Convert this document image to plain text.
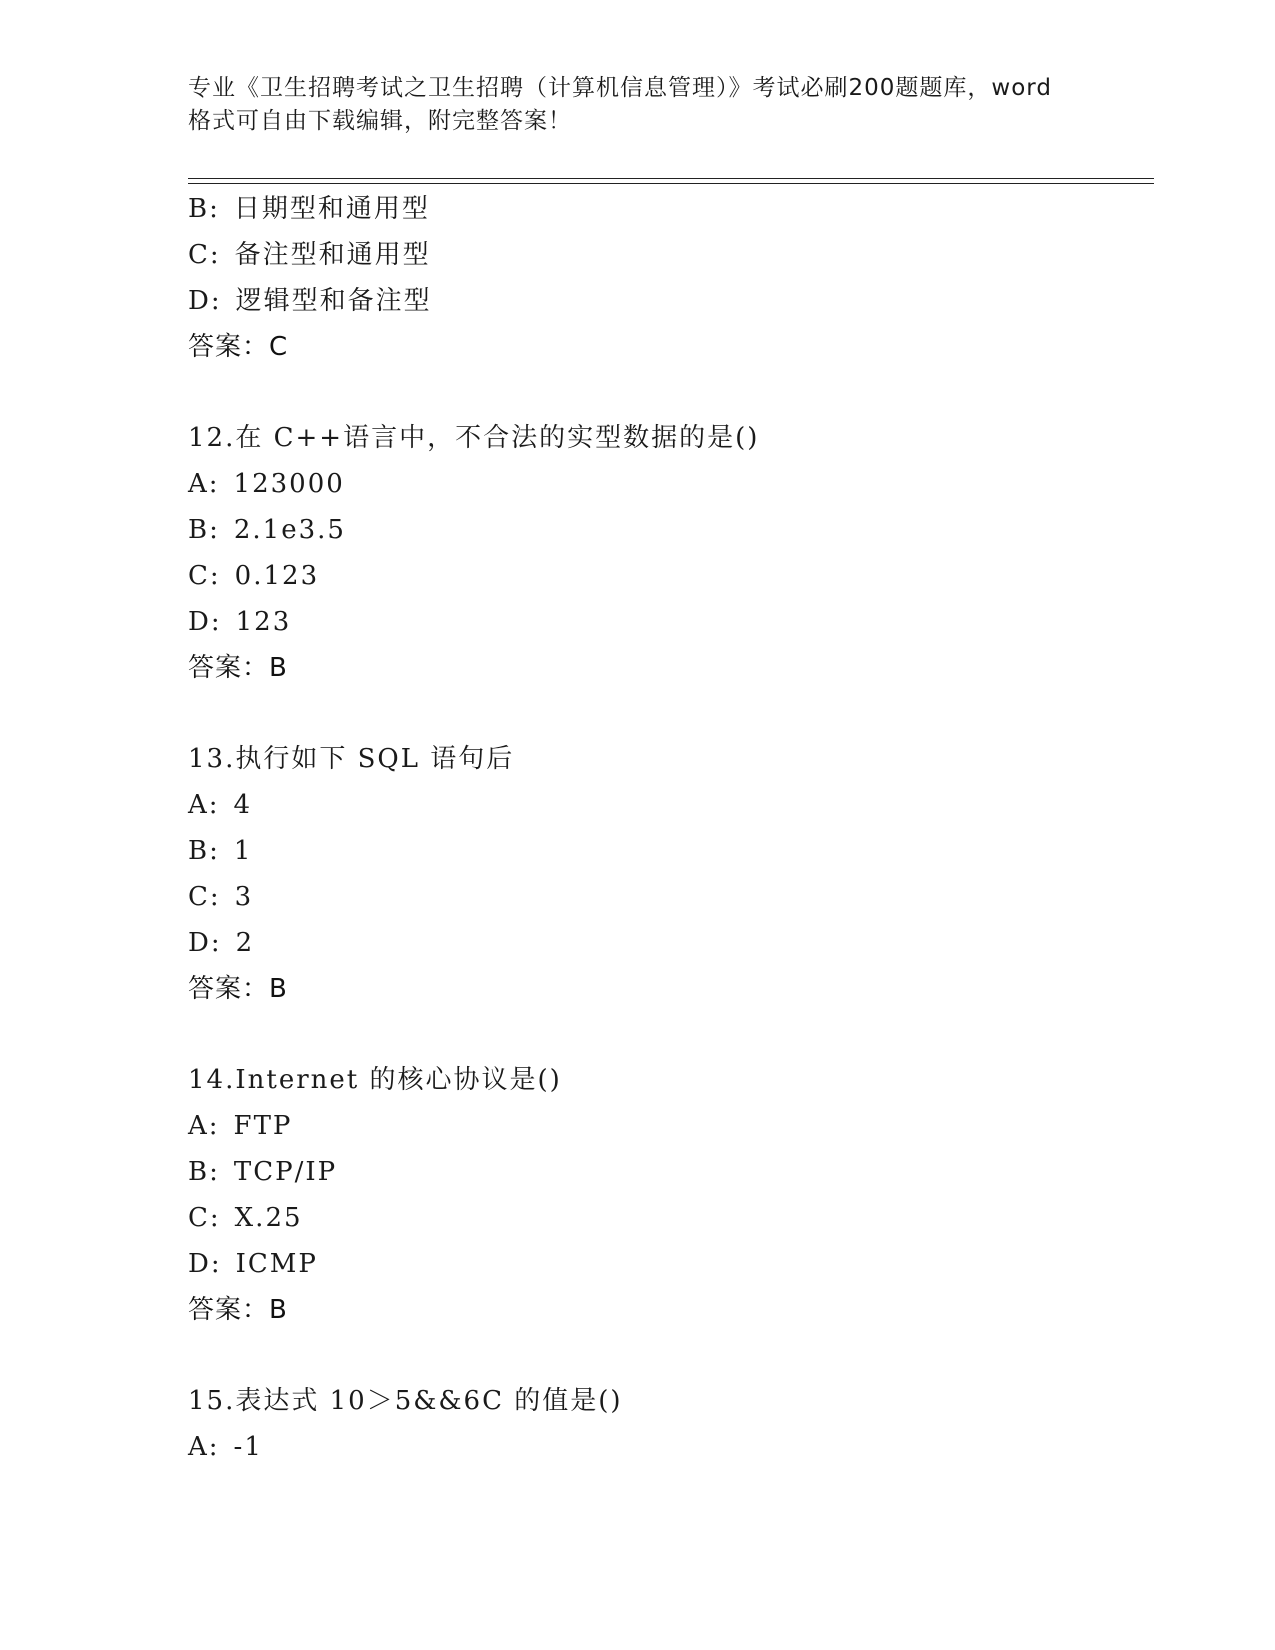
专业《卫生招聘考试之卫生招聘（计算机信息管理）》考试必刷200题题库，word
格式可自由下载编辑，附完整答案！
B: 日期型和通用型
C: 备注型和通用型
D: 逻辑型和备注型
答案：C
12.在 C++语言中，不合法的实型数据的是()
A: 123000
B: 2.1e3.5
C: 0.123
D: 123
答案：B
13.执行如下 SQL 语句后
A: 4
B: 1
C: 3
D: 2
答案：B
14.Internet 的核心协议是()
A: FTP
B: TCP/IP
C: X.25
D: ICMP
答案：B
15.表达式 10＞5&&6C 的值是()
A: -1
